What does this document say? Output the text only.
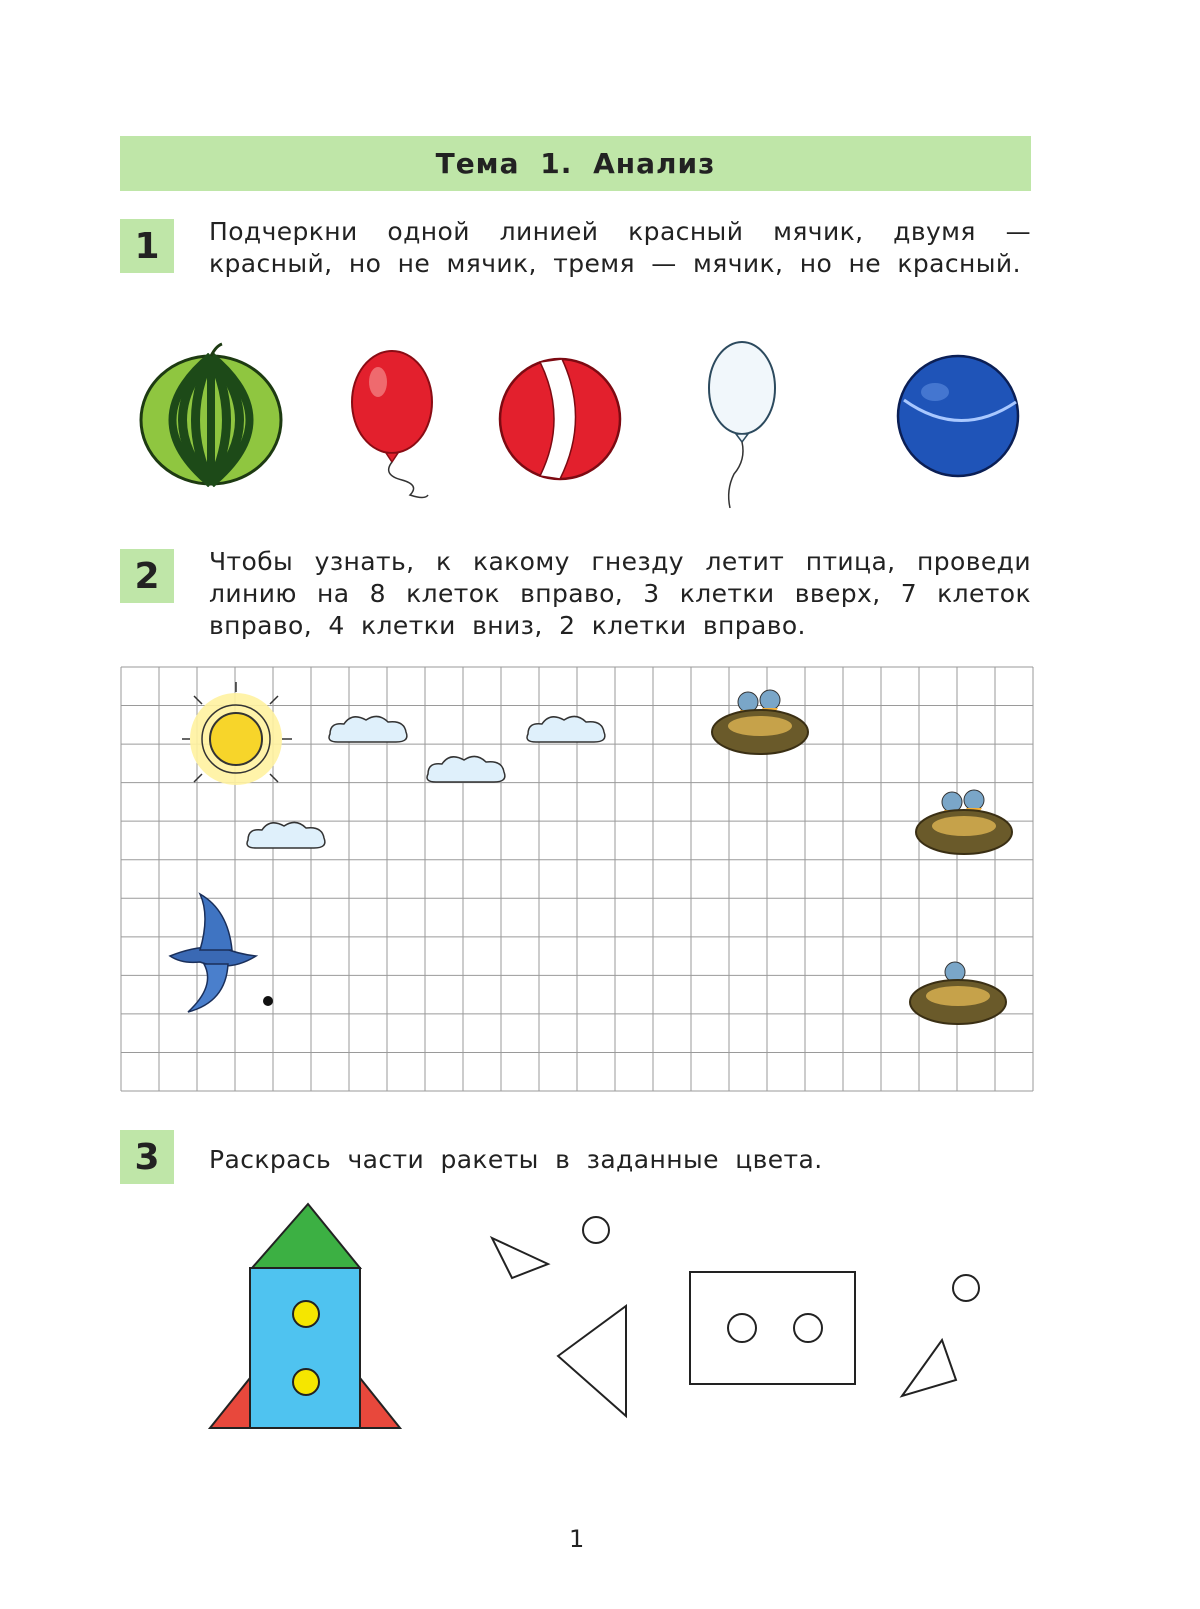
Тема 1. Анализ
1	Подчеркни одной линией красный мячик, двумя — красный, но не мячик, тремя — мячик, но не красный.
2	Чтобы узнать, к какому гнезду летит птица, проведи линию на 8 клеток вправо, 3 клетки вверх, 7 клеток вправо, 4 клетки вниз, 2 клетки вправо.
3	Раскрась части ракеты в заданные цвета.
1
